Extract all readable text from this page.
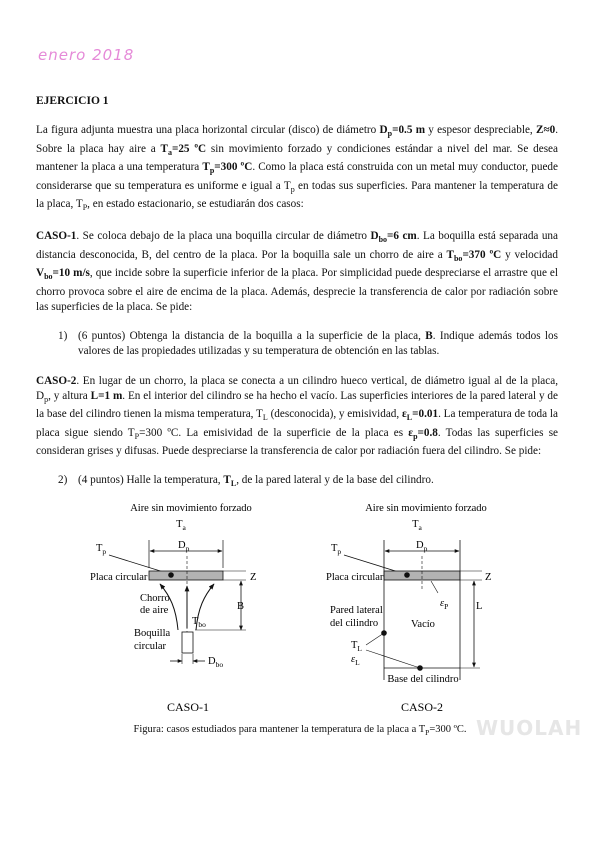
enero 2018
EJERCICIO 1

La figura adjunta muestra una placa horizontal circular (disco) de diámetro $D_p=0.5$ m y espesor despreciable, Z≈0. Sobre la placa hay aire a $T_a=25$ ºC sin movimiento forzado y condiciones estándar a nivel del mar. Se desea mantener la placa a una temperatura $T_p=300$ ºC. Como la placa está construida con un metal muy conductor, puede considerarse que su temperatura es uniforme e igual a $T_p$ en todas sus superficies. Para mantener la temperatura de la placa, $T_P$, en estado estacionario, se estudiarán dos casos:

CASO-1. Se coloca debajo de la placa una boquilla circular de diámetro $D_{bo}=6$ cm. La boquilla está separada una distancia desconocida, B, del centro de la placa. Por la boquilla sale un chorro de aire a $T_{bo}=370$ ºC y velocidad $V_{bo}=10$ m/s, que incide sobre la superficie inferior de la placa. Por simplicidad puede despreciarse el arrastre que el chorro provoca sobre el aire de encima de la placa. Además, desprecie la transferencia de calor por radiación sobre las superficies de la placa. Se pide:

1) (6 puntos) Obtenga la distancia de la boquilla a la superficie de la placa, B. Indique además todos los valores de las propiedades utilizadas y su temperatura de obtención en las tablas.

CASO-2. En lugar de un chorro, la placa se conecta a un cilindro hueco vertical, de diámetro igual al de la placa, $D_p$, y altura L=1 m. En el interior del cilindro se ha hecho el vacío. Las superficies interiores de la pared lateral y de la base del cilindro tienen la misma temperatura, $T_L$ (desconocida), y emisividad, $\varepsilon_L=0.01$. La temperatura de toda la placa sigue siendo $T_P=300$ ºC. La emisividad de la superficie de la placa es $\varepsilon_p=0.8$. Todas las superficies se consideran grises y difusas. Puede despreciarse la transferencia de calor por radiación fuera del cilindro. Se pide:

2) (4 puntos) Halle la temperatura, $T_L$, de la pared lateral y de la base del cilindro.

Aire sin movimiento forzado
$T_a$
$T_p$
$D_p$
Placa circular	Z
B
Chorro
de aire
$T_{bo}$
Boquilla
circular
$D_{bo}$
CASO-1
Aire sin movimiento forzado
$T_a$
$T_p$
$D_p$
Placa circular	Z
L
$\varepsilon_P$
Pared lateral
del cilindro	Vacío
$T_L$
$\varepsilon_L$
Base del cilindro
CASO-2
WUOLAH
Figura: casos estudiados para mantener la temperatura de la placa a $T_P=300$ ºC.
